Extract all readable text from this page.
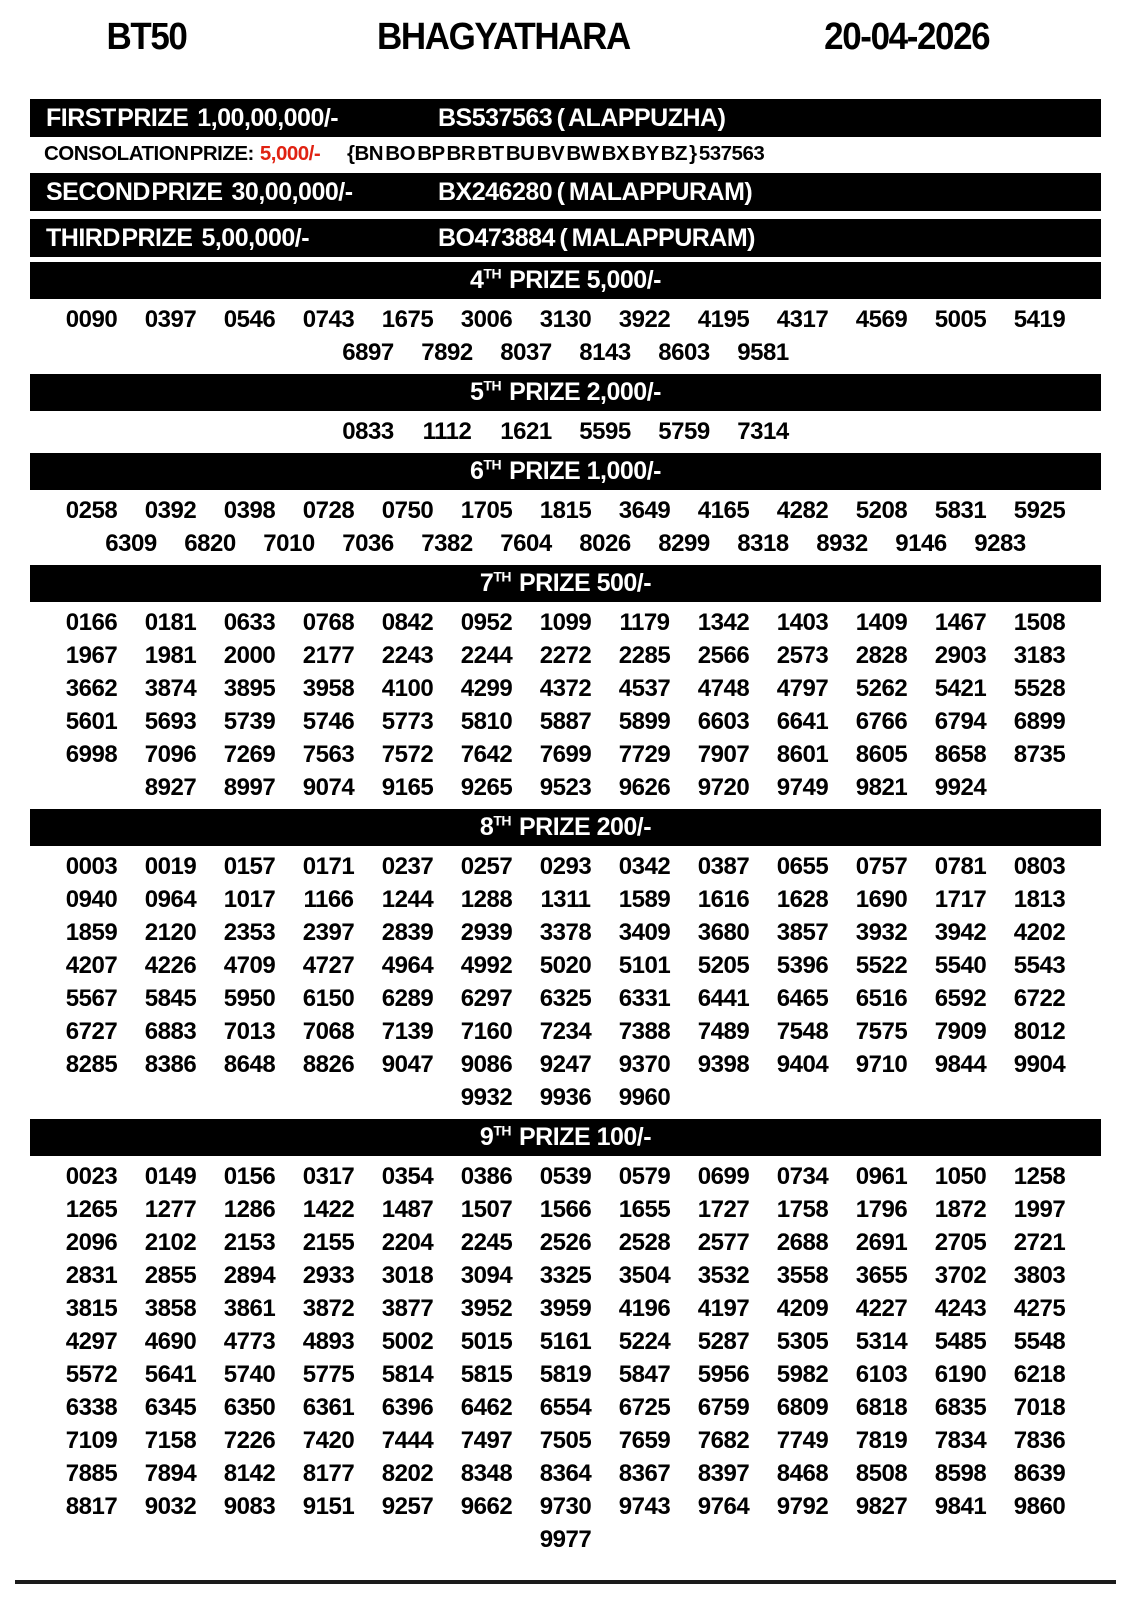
BT50	BHAGYATHARA	20-04-2026
FIRST PRIZE 1,00,00,000/-	BS537563 ( ALAPPUZHA)
CONSOLATION PRIZE: 5,000/-	{BN BO BP BR BT BU BV BW BX BY BZ } 537563
SECOND PRIZE 30,00,000/-	BX246280 ( MALAPPURAM)
THIRD PRIZE 5,00,000/-	BO473884 ( MALAPPURAM)
4TH PRIZE 5,000/-
0090 0397 0546 0743 1675 3006 3130 3922 4195 4317 4569 5005 5419
6897 7892 8037 8143 8603 9581
5TH PRIZE 2,000/-
0833 1112 1621 5595 5759 7314
6TH PRIZE 1,000/-
0258 0392 0398 0728 0750 1705 1815 3649 4165 4282 5208 5831 5925
6309 6820 7010 7036 7382 7604 8026 8299 8318 8932 9146 9283
7TH PRIZE 500/-
0166 0181 0633 0768 0842 0952 1099 1179 1342 1403 1409 1467 1508
1967 1981 2000 2177 2243 2244 2272 2285 2566 2573 2828 2903 3183
3662 3874 3895 3958 4100 4299 4372 4537 4748 4797 5262 5421 5528
5601 5693 5739 5746 5773 5810 5887 5899 6603 6641 6766 6794 6899
6998 7096 7269 7563 7572 7642 7699 7729 7907 8601 8605 8658 8735
8927 8997 9074 9165 9265 9523 9626 9720 9749 9821 9924
8TH PRIZE 200/-
0003 0019 0157 0171 0237 0257 0293 0342 0387 0655 0757 0781 0803
0940 0964 1017 1166 1244 1288 1311 1589 1616 1628 1690 1717 1813
1859 2120 2353 2397 2839 2939 3378 3409 3680 3857 3932 3942 4202
4207 4226 4709 4727 4964 4992 5020 5101 5205 5396 5522 5540 5543
5567 5845 5950 6150 6289 6297 6325 6331 6441 6465 6516 6592 6722
6727 6883 7013 7068 7139 7160 7234 7388 7489 7548 7575 7909 8012
8285 8386 8648 8826 9047 9086 9247 9370 9398 9404 9710 9844 9904
9932 9936 9960
9TH PRIZE 100/-
0023 0149 0156 0317 0354 0386 0539 0579 0699 0734 0961 1050 1258
1265 1277 1286 1422 1487 1507 1566 1655 1727 1758 1796 1872 1997
2096 2102 2153 2155 2204 2245 2526 2528 2577 2688 2691 2705 2721
2831 2855 2894 2933 3018 3094 3325 3504 3532 3558 3655 3702 3803
3815 3858 3861 3872 3877 3952 3959 4196 4197 4209 4227 4243 4275
4297 4690 4773 4893 5002 5015 5161 5224 5287 5305 5314 5485 5548
5572 5641 5740 5775 5814 5815 5819 5847 5956 5982 6103 6190 6218
6338 6345 6350 6361 6396 6462 6554 6725 6759 6809 6818 6835 7018
7109 7158 7226 7420 7444 7497 7505 7659 7682 7749 7819 7834 7836
7885 7894 8142 8177 8202 8348 8364 8367 8397 8468 8508 8598 8639
8817 9032 9083 9151 9257 9662 9730 9743 9764 9792 9827 9841 9860
9977
